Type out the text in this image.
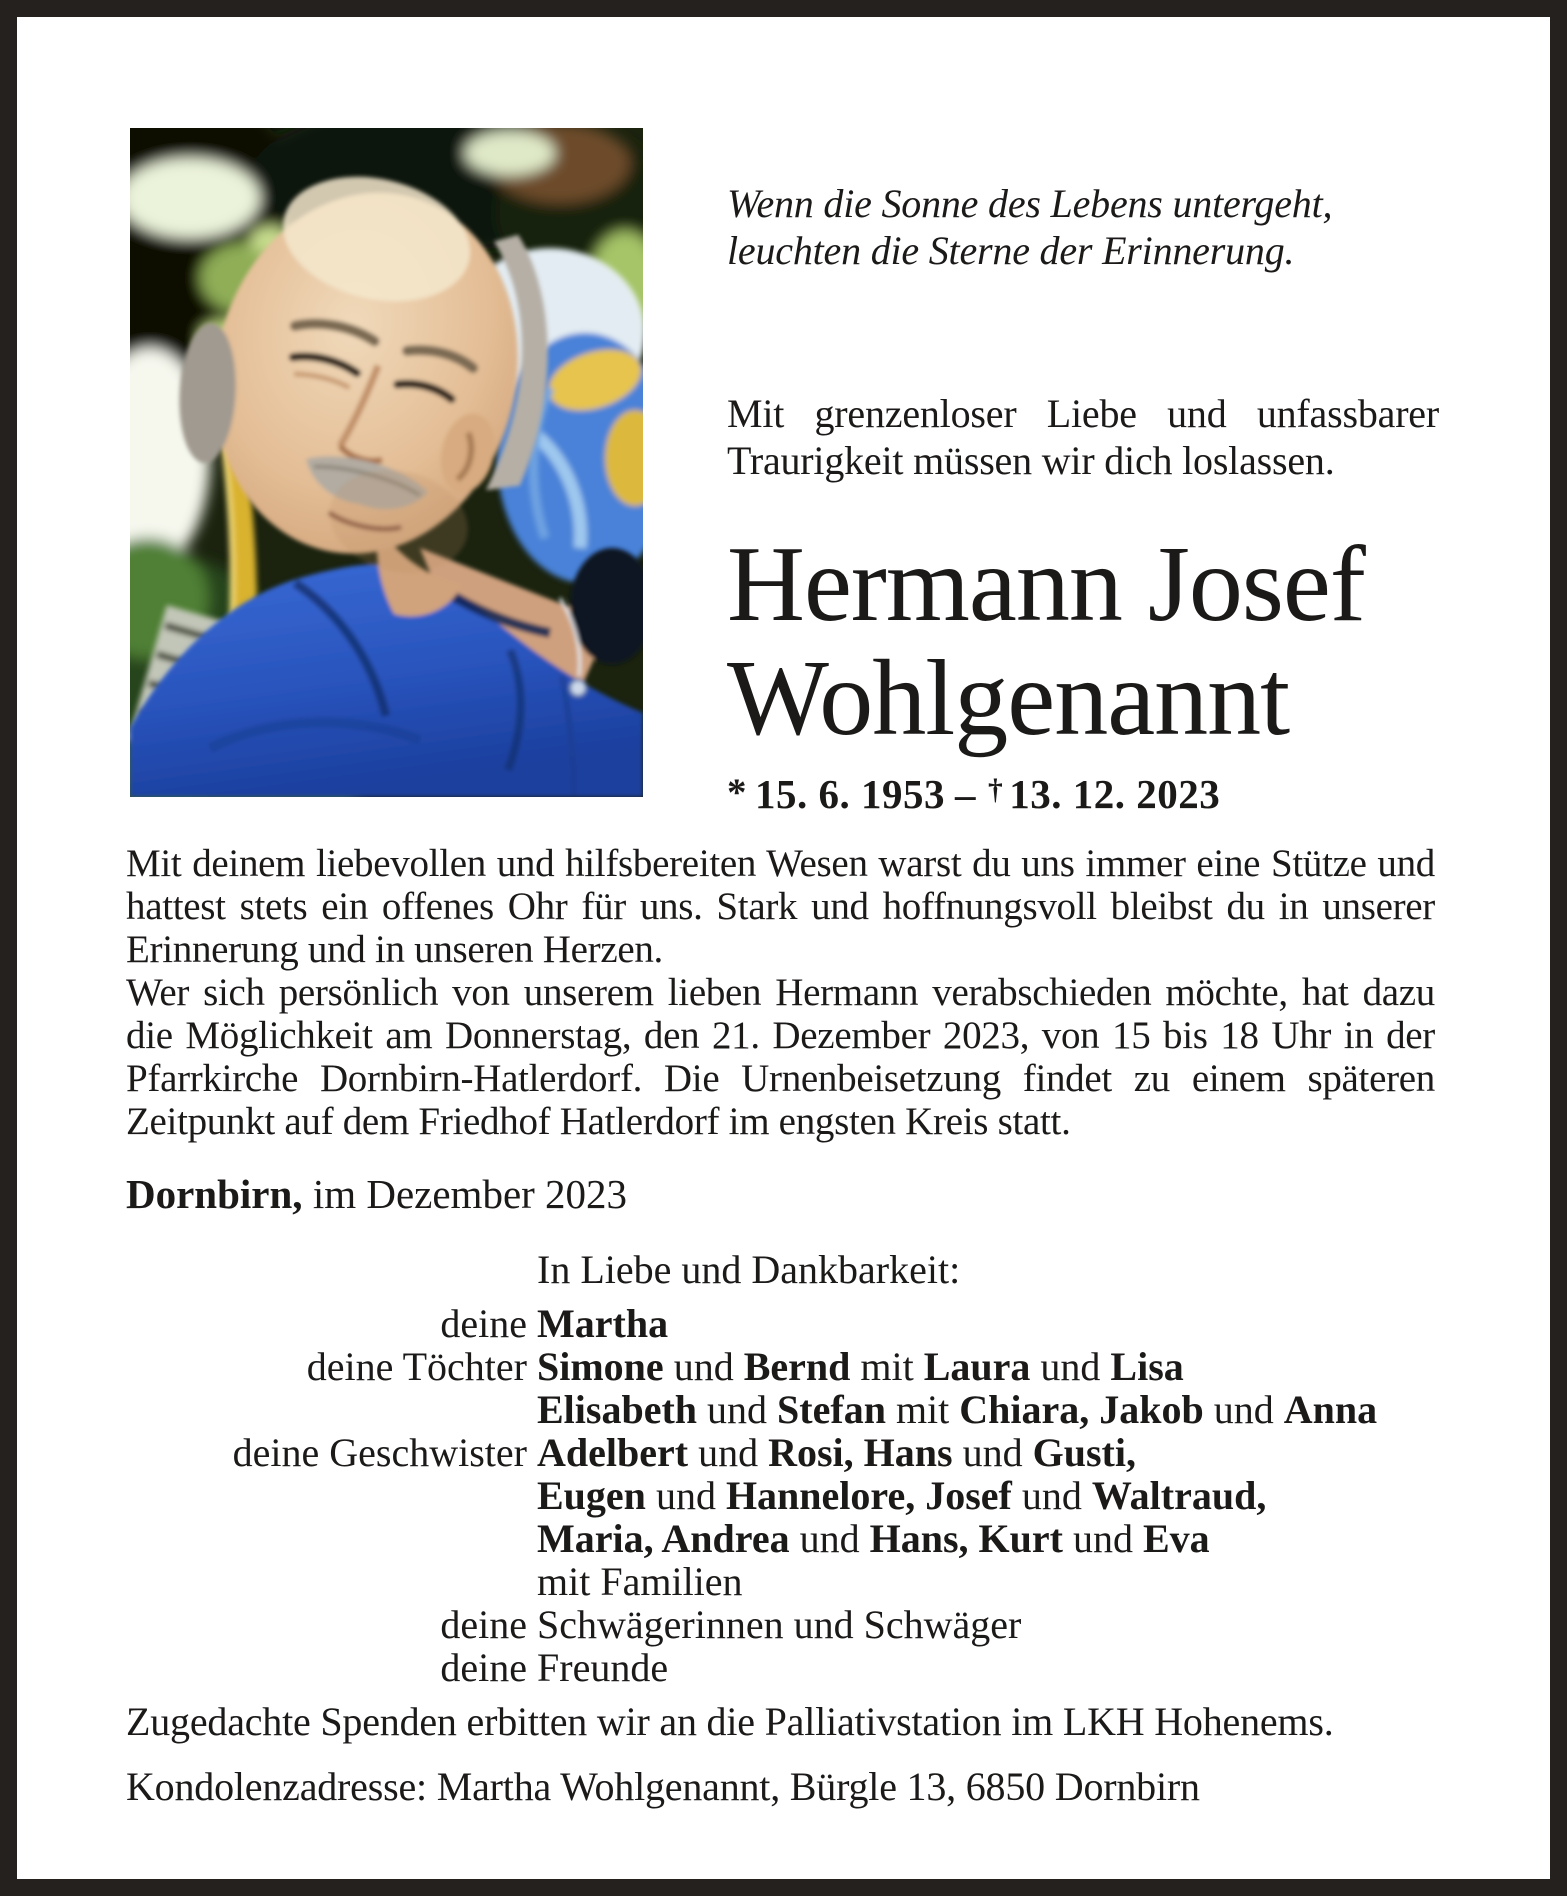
Wenn die Sonne des Lebens untergeht,
leuchten die Sterne der Erinnerung.
Mit grenzenloser Liebe und unfassbarer Traurigkeit müssen wir dich loslassen.
Hermann Josef
Wohlgenannt
* 15. 6. 1953 – † 13. 12. 2023

Mit deinem liebevollen und hilfsbereiten Wesen warst du uns immer eine Stütze und hattest stets ein offenes Ohr für uns. Stark und hoffnungsvoll bleibst du in unserer Erinnerung und in unseren Herzen.

Wer sich persönlich von unserem lieben Hermann verabschieden möchte, hat dazu die Möglichkeit am Donnerstag, den 21. Dezember 2023, von 15 bis 18 Uhr in der Pfarrkirche Dornbirn-Hatlerdorf. Die Urnenbeisetzung findet zu einem späteren Zeitpunkt auf dem Friedhof Hatlerdorf im engsten Kreis statt.

Dornbirn, im Dezember 2023
In Liebe und Dankbarkeit:
deine Martha
deine Töchter Simone und Bernd mit Laura und Lisa
Elisabeth und Stefan mit Chiara, Jakob und Anna
deine Geschwister Adelbert und Rosi, Hans und Gusti,
Eugen und Hannelore, Josef und Waltraud,
Maria, Andrea und Hans, Kurt und Eva
mit Familien
deine Schwägerinnen und Schwäger
deine Freunde
Zugedachte Spenden erbitten wir an die Palliativstation im LKH Hohenems.
Kondolenzadresse: Martha Wohlgenannt, Bürgle 13, 6850 Dornbirn
